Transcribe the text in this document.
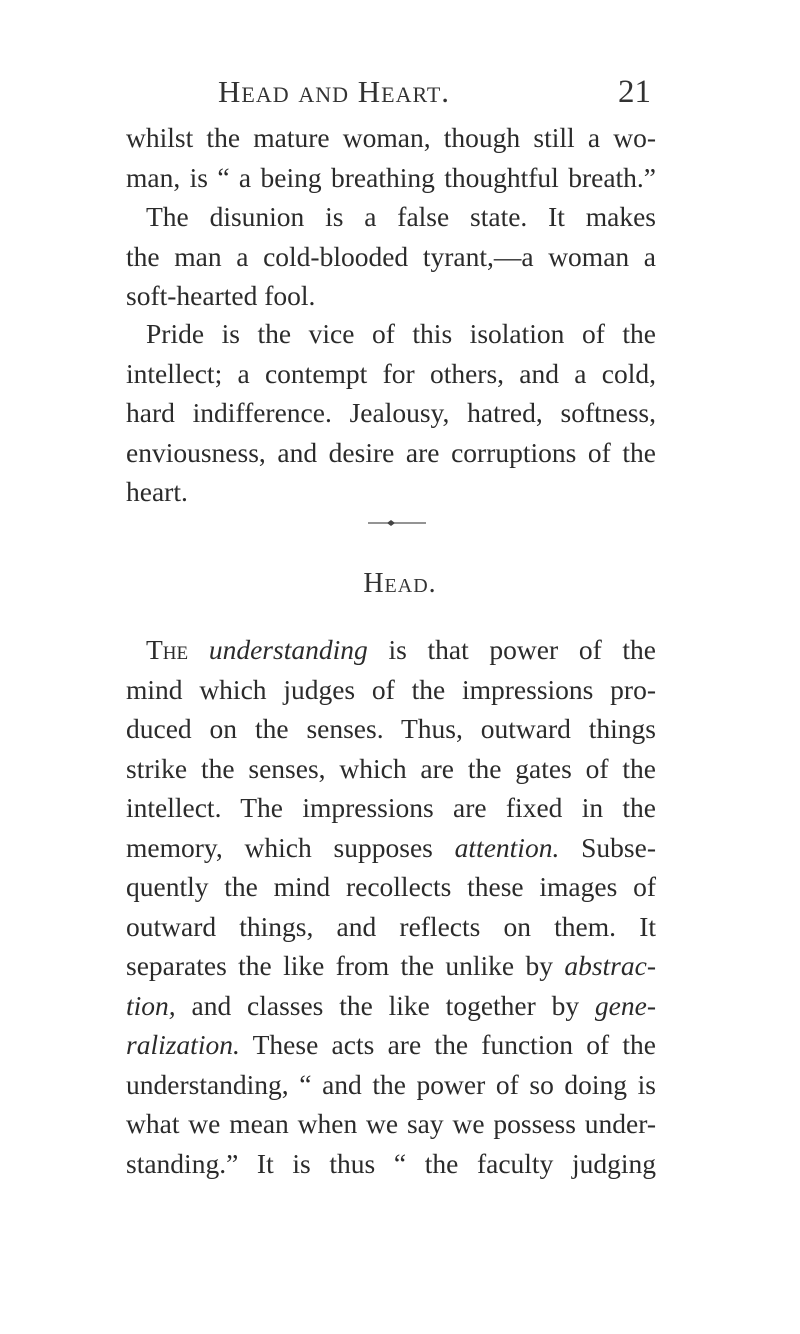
Head and Heart.	21
whilst the mature woman, though still a wo-
man, is “ a being breathing thoughtful breath.”
The disunion is a false state. It makes
the man a cold-blooded tyrant,—a woman a
soft-hearted fool.
Pride is the vice of this isolation of the
intellect; a contempt for others, and a cold,
hard indifference. Jealousy, hatred, softness,
enviousness, and desire are corruptions of the
heart.
Head.
The understanding is that power of the
mind which judges of the impressions pro-
duced on the senses. Thus, outward things
strike the senses, which are the gates of the
intellect. The impressions are fixed in the
memory, which supposes attention. Subse-
quently the mind recollects these images of
outward things, and reflects on them. It
separates the like from the unlike by abstrac-
tion, and classes the like together by gene-
ralization. These acts are the function of the
understanding, “ and the power of so doing is
what we mean when we say we possess under-
standing.” It is thus “ the faculty judging
